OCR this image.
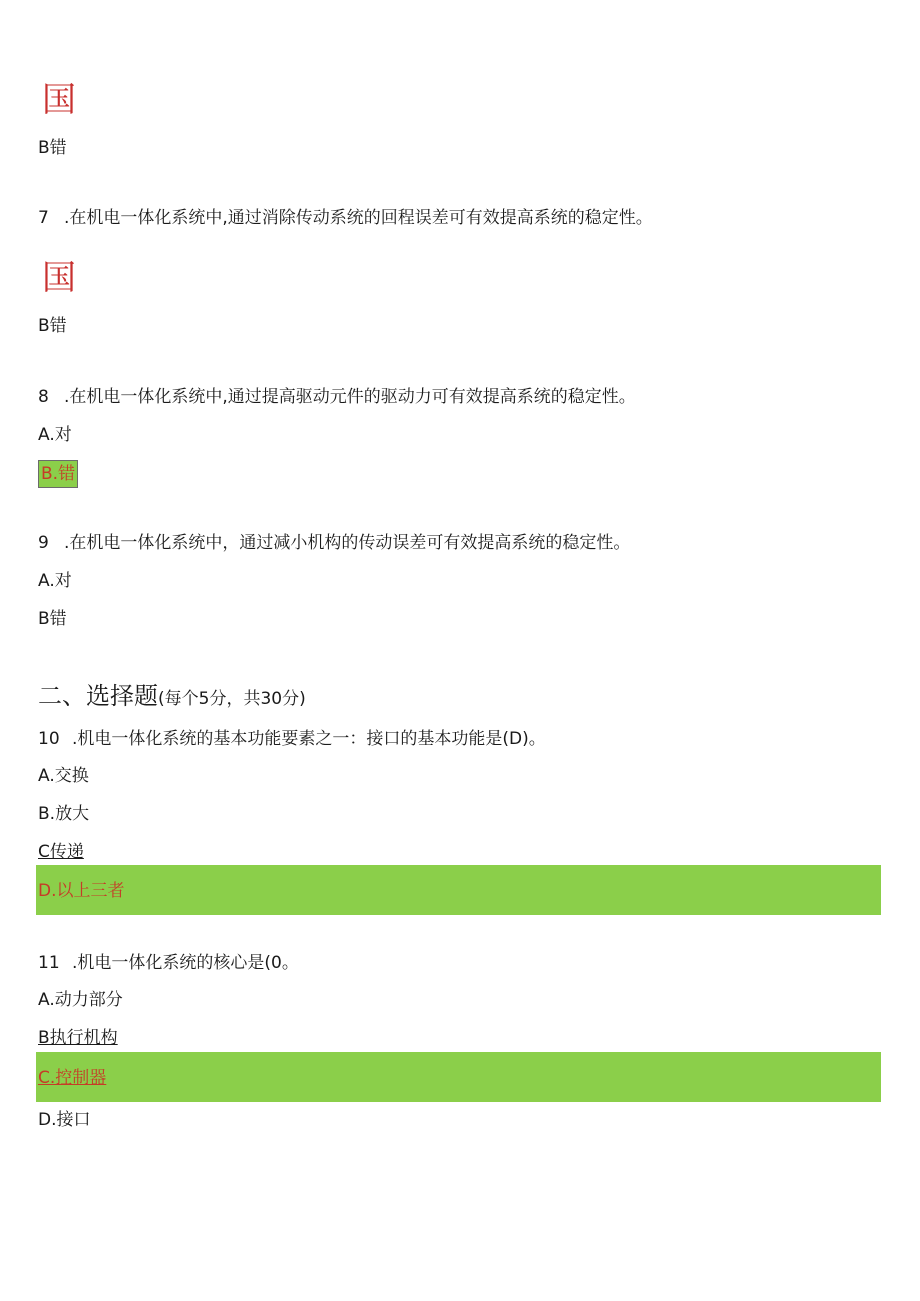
国
B错
7 .在机电一体化系统中,通过消除传动系统的回程误差可有效提高系统的稳定性。
国
B错
8 .在机电一体化系统中,通过提高驱动元件的驱动力可有效提高系统的稳定性。
A.对
B.错
9 .在机电一体化系统中，通过减小机构的传动误差可有效提高系统的稳定性。
A.对
B错
二、选择题(每个5分，共30分)
10 .机电一体化系统的基本功能要素之一：接口的基本功能是(D)。
A.交换
B.放大
C传递
D.以上三者
11 .机电一体化系统的核心是(0。
A.动力部分
B执行机构
C.控制器
D.接口
